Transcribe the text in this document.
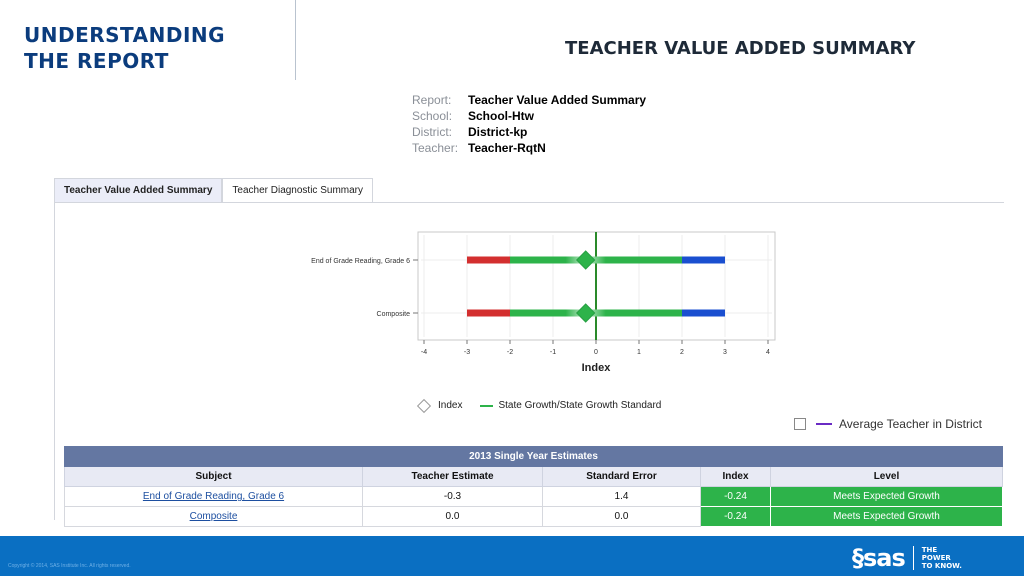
UNDERSTANDING
THE REPORT
TEACHER VALUE ADDED SUMMARY
Report:	Teacher Value Added Summary
School:	School-Htw
District:	District-kp
Teacher: Teacher-RqtN
Teacher Value Added Summary	Teacher Diagnostic Summary
-4	-3	-2	-1	0	1	2	3	4
End of Grade Reading, Grade 6
Composite
Index
Index	State Growth/State Growth Standard
Average Teacher in District
2013 Single Year Estimates				
Subject	Teacher Estimate	Standard Error	Index	Level
End of Grade Reading, Grade 6	-0.3	1.4	-0.24	Meets Expected Growth
Composite	0.0	0.0	-0.24	Meets Expected Growth
Copyright © 2014, SAS Institute Inc. All rights reserved.	§sas THE
POWER
TO KNOW.
